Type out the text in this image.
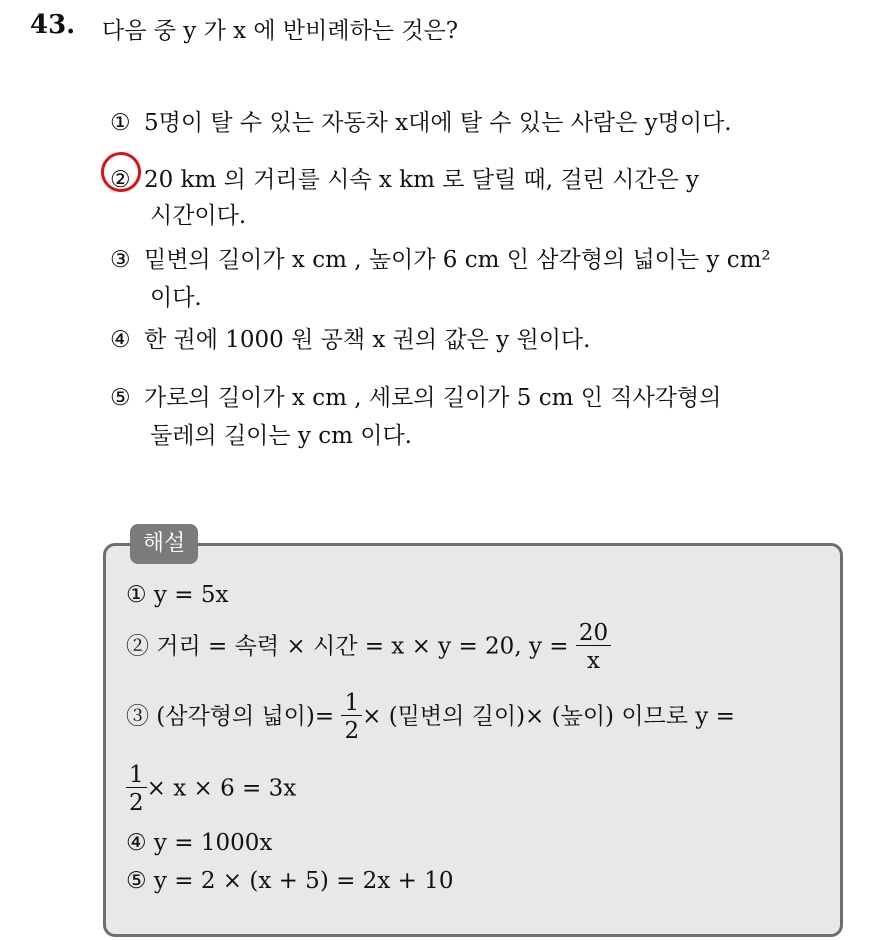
43. 다음 중 y 가 x 에 반비례하는 것은?
① 5명이 탈 수 있는 자동차 x대에 탈 수 있는 사람은 y명이다.
② 20 km 의 거리를 시속 x km 로 달릴 때, 걸린 시간은 y
시간이다.
③ 밑변의 길이가 x cm , 높이가 6 cm 인 삼각형의 넓이는 y cm²
이다.
④ 한 권에 1000 원 공책 x 권의 값은 y 원이다.
⑤ 가로의 길이가 x cm , 세로의 길이가 5 cm 인 직사각형의
둘레의 길이는 y cm 이다.
해설
① y = 5x
② 거리 = 속력 × 시간 = x × y = 20, $y = \frac{20}{x}$
③ (삼각형의 넓이)= $\frac{1}{2}$ × (밑변의 길이)× (높이) 이므로 y =
$\frac{1}{2} \times x \times 6 = 3x$
④ y = 1000x
⑤ y = 2 × (x + 5) = 2x + 10
